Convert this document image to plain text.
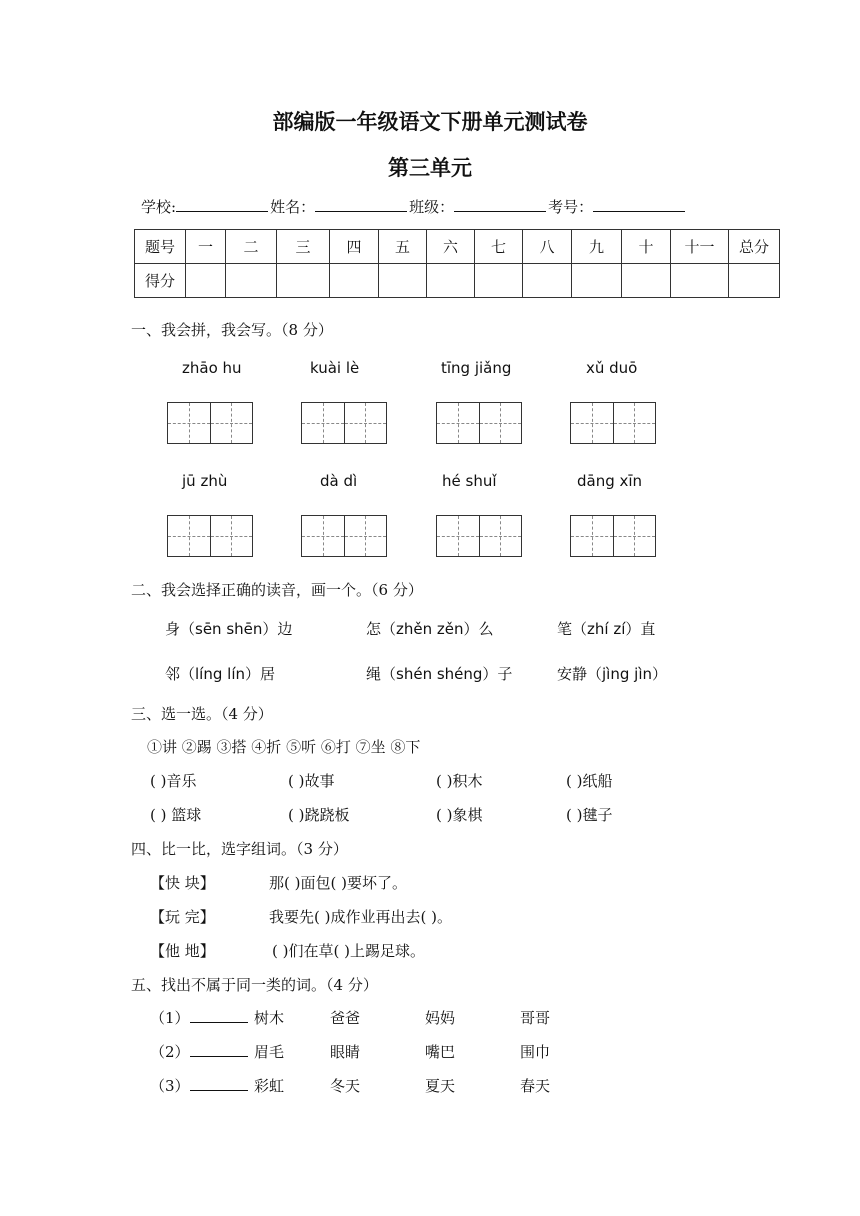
部编版一年级语文下册单元测试卷
第三单元
学校:	姓名：	班级：	考号：
题号	一	二	三	四	五	六	七	八	九	十	十一	总分
得分												
一、我会拼，我会写。（8 分）
zhāo hu	kuài lè	tīng jiǎng	xǔ duō
jū zhù	dà dì	hé shuǐ	dāng xīn
二、我会选择正确的读音，画一个。（6 分）
身（sēn shēn）边	怎（zhěn zěn）么	笔（zhí zí）直
邻（líng lín）居	绳（shén shéng）子	安静（jìng jìn）
三、选一选。（4 分）
①讲 ②踢 ③搭 ④折 ⑤听 ⑥打 ⑦坐 ⑧下
( )音乐	( )故事	( )积木	( )纸船
( ) 篮球	( )跷跷板	( )象棋	( )毽子
四、比一比，选字组词。（3 分）
【快 块】	那( )面包( )要坏了。
【玩 完】	我要先( )成作业再出去( )。
【他 地】	( )们在草( )上踢足球。
五、找出不属于同一类的词。（4 分）
（1）	树木	爸爸	妈妈	哥哥
（2）	眉毛	眼睛	嘴巴	围巾
（3）	彩虹	冬天	夏天	春天
